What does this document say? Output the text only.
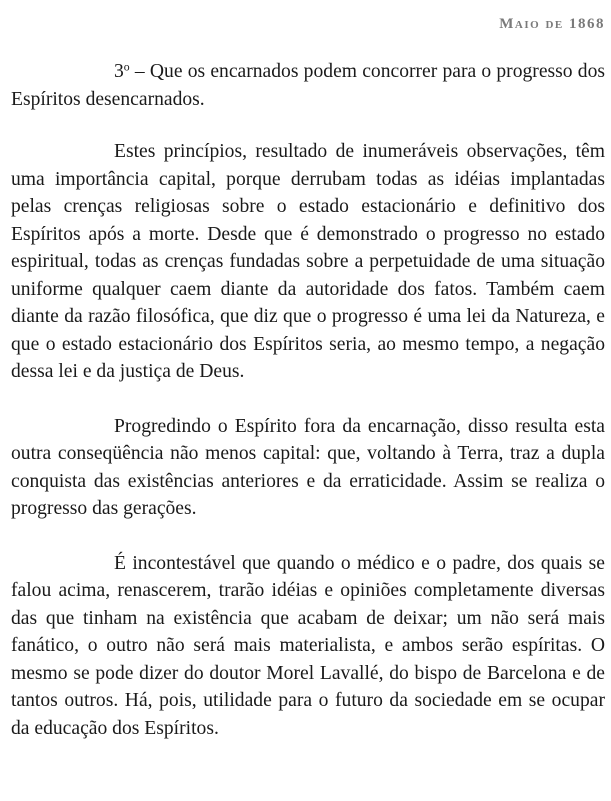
Maio de 1868

3$^o$ – Que os encarnados podem concorrer para o progresso dos Espíritos desencarnados.

Estes princípios, resultado de inumeráveis observações, têm uma importância capital, porque derrubam todas as idéias implantadas pelas crenças religiosas sobre o estado estacionário e definitivo dos Espíritos após a morte. Desde que é demonstrado o progresso no estado espiritual, todas as crenças fundadas sobre a perpetuidade de uma situação uniforme qualquer caem diante da autoridade dos fatos. Também caem diante da razão filosófica, que diz que o progresso é uma lei da Natureza, e que o estado estacionário dos Espíritos seria, ao mesmo tempo, a negação dessa lei e da justiça de Deus.

Progredindo o Espírito fora da encarnação, disso resulta esta outra conseqüência não menos capital: que, voltando à Terra, traz a dupla conquista das existências anteriores e da erraticidade. Assim se realiza o progresso das gerações.

É incontestável que quando o médico e o padre, dos quais se falou acima, renascerem, trarão idéias e opiniões completamente diversas das que tinham na existência que acabam de deixar; um não será mais fanático, o outro não será mais materialista, e ambos serão espíritas. O mesmo se pode dizer do doutor Morel Lavallé, do bispo de Barcelona e de tantos outros. Há, pois, utilidade para o futuro da sociedade em se ocupar da educação dos Espíritos.
